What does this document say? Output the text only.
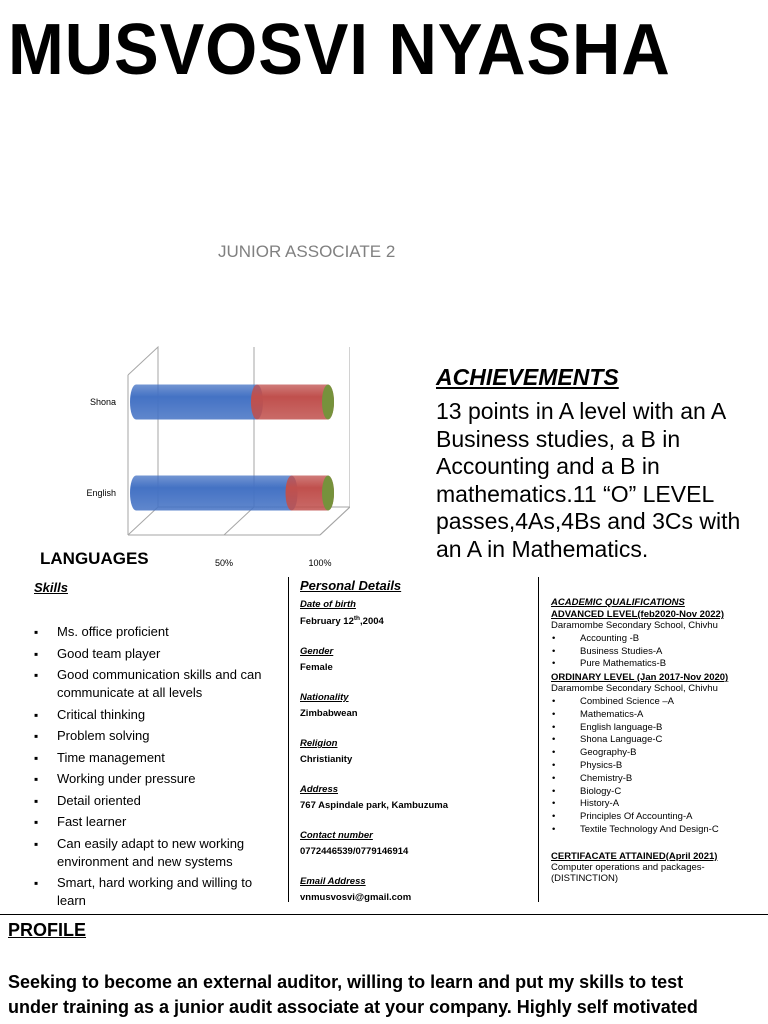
MUSVOSVI NYASHA
JUNIOR ASSOCIATE 2
50%	100%
Shona
English
LANGUAGES
ACHIEVEMENTS
13 points in A level with an A Business studies, a B in Accounting and a B in mathematics.11 “O” LEVEL passes,4As,4Bs and 3Cs with an A in Mathematics.
Skills
▪ Ms. office proficient
▪ Good team player
▪ Good communication skills and can communicate at all levels
▪ Critical thinking
▪ Problem solving
▪ Time management
▪ Working under pressure
▪ Detail oriented
▪ Fast learner
▪ Can easily adapt to new working environment and new systems
▪ Smart, hard working and willing to learn
Personal Details
Date of birth
February 12th,2004
Gender
Female
Nationality
Zimbabwean
Religion
Christianity
Address
767 Aspindale park, Kambuzuma
Contact number
0772446539/0779146914
Email Address
vnmusvosvi@gmail.com
ACADEMIC QUALIFICATIONS
ADVANCED LEVEL(feb2020-Nov 2022)
Daramombe Secondary School, Chivhu
• Accounting -B
• Business Studies-A
• Pure Mathematics-B
ORDINARY LEVEL (Jan 2017-Nov 2020)
Daramombe Secondary School, Chivhu
• Combined Science –A
• Mathematics-A
• English language-B
• Shona Language-C
• Geography-B
• Physics-B
• Chemistry-B
• Biology-C
• History-A
• Principles Of Accounting-A
• Textile Technology And Design-C
CERTIFACATE ATTAINED(April 2021)
Computer operations and packages-(DISTINCTION)
PROFILE
Seeking to become an external auditor, willing to learn and put my skills to test
under training as a junior audit associate at your company. Highly self motivated
